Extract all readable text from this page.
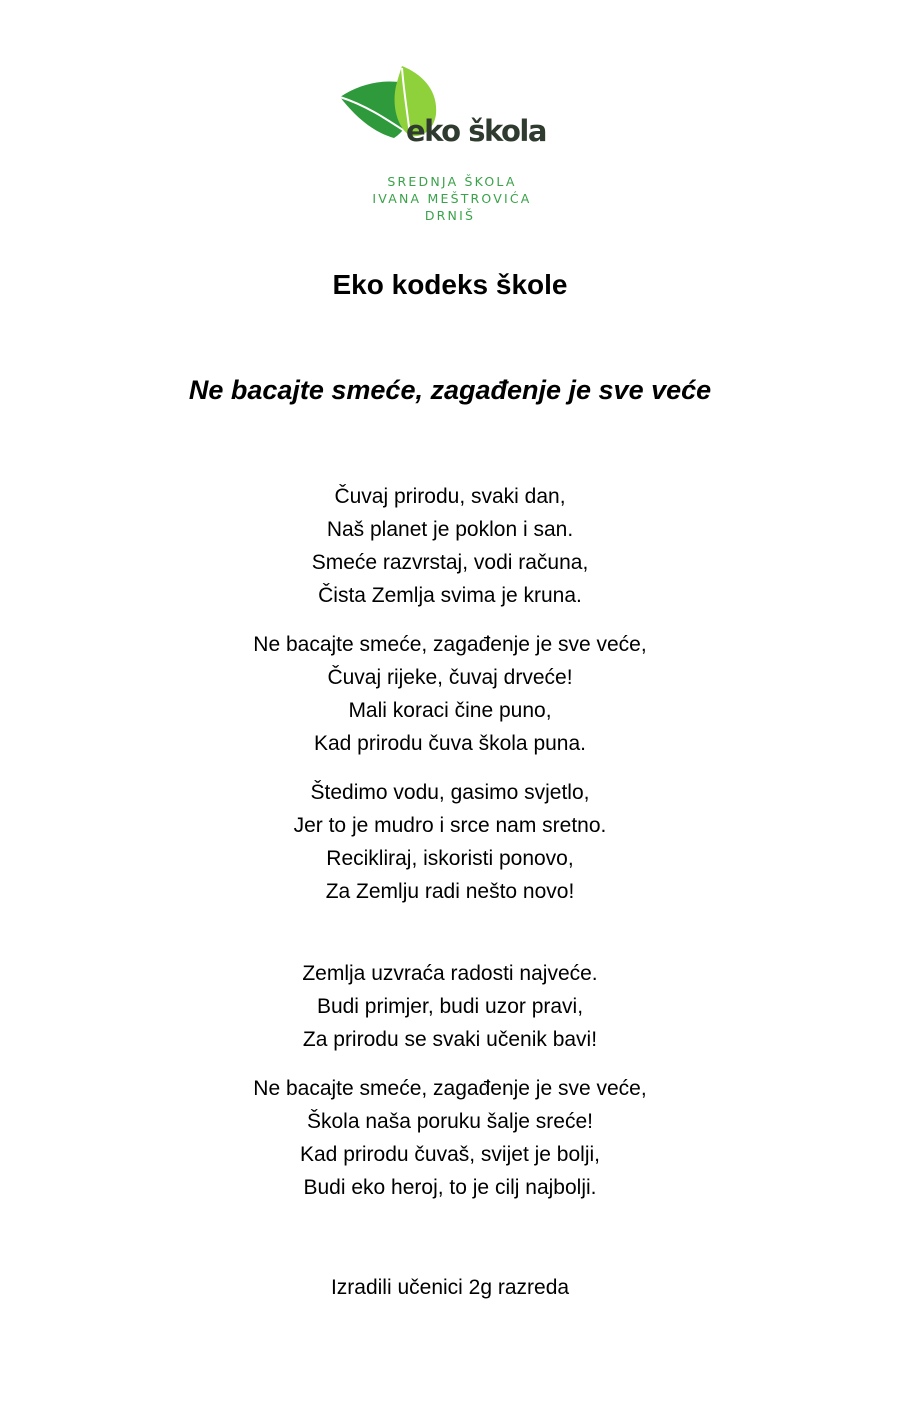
eko škola
SREDNJA ŠKOLA
IVANA MEŠTROVIĆA
DRNIŠ
Eko kodeks škole
Ne bacajte smeće, zagađenje je sve veće
Čuvaj prirodu, svaki dan,
Naš planet je poklon i san.
Smeće razvrstaj, vodi računa,
Čista Zemlja svima je kruna.
Ne bacajte smeće, zagađenje je sve veće,
Čuvaj rijeke, čuvaj drveće!
Mali koraci čine puno,
Kad prirodu čuva škola puna.
Štedimo vodu, gasimo svjetlo,
Jer to je mudro i srce nam sretno.
Recikliraj, iskoristi ponovo,
Za Zemlju radi nešto novo!
Zemlja uzvraća radosti najveće.
Budi primjer, budi uzor pravi,
Za prirodu se svaki učenik bavi!
Ne bacajte smeće, zagađenje je sve veće,
Škola naša poruku šalje sreće!
Kad prirodu čuvaš, svijet je bolji,
Budi eko heroj, to je cilj najbolji.
Izradili učenici 2g razreda
